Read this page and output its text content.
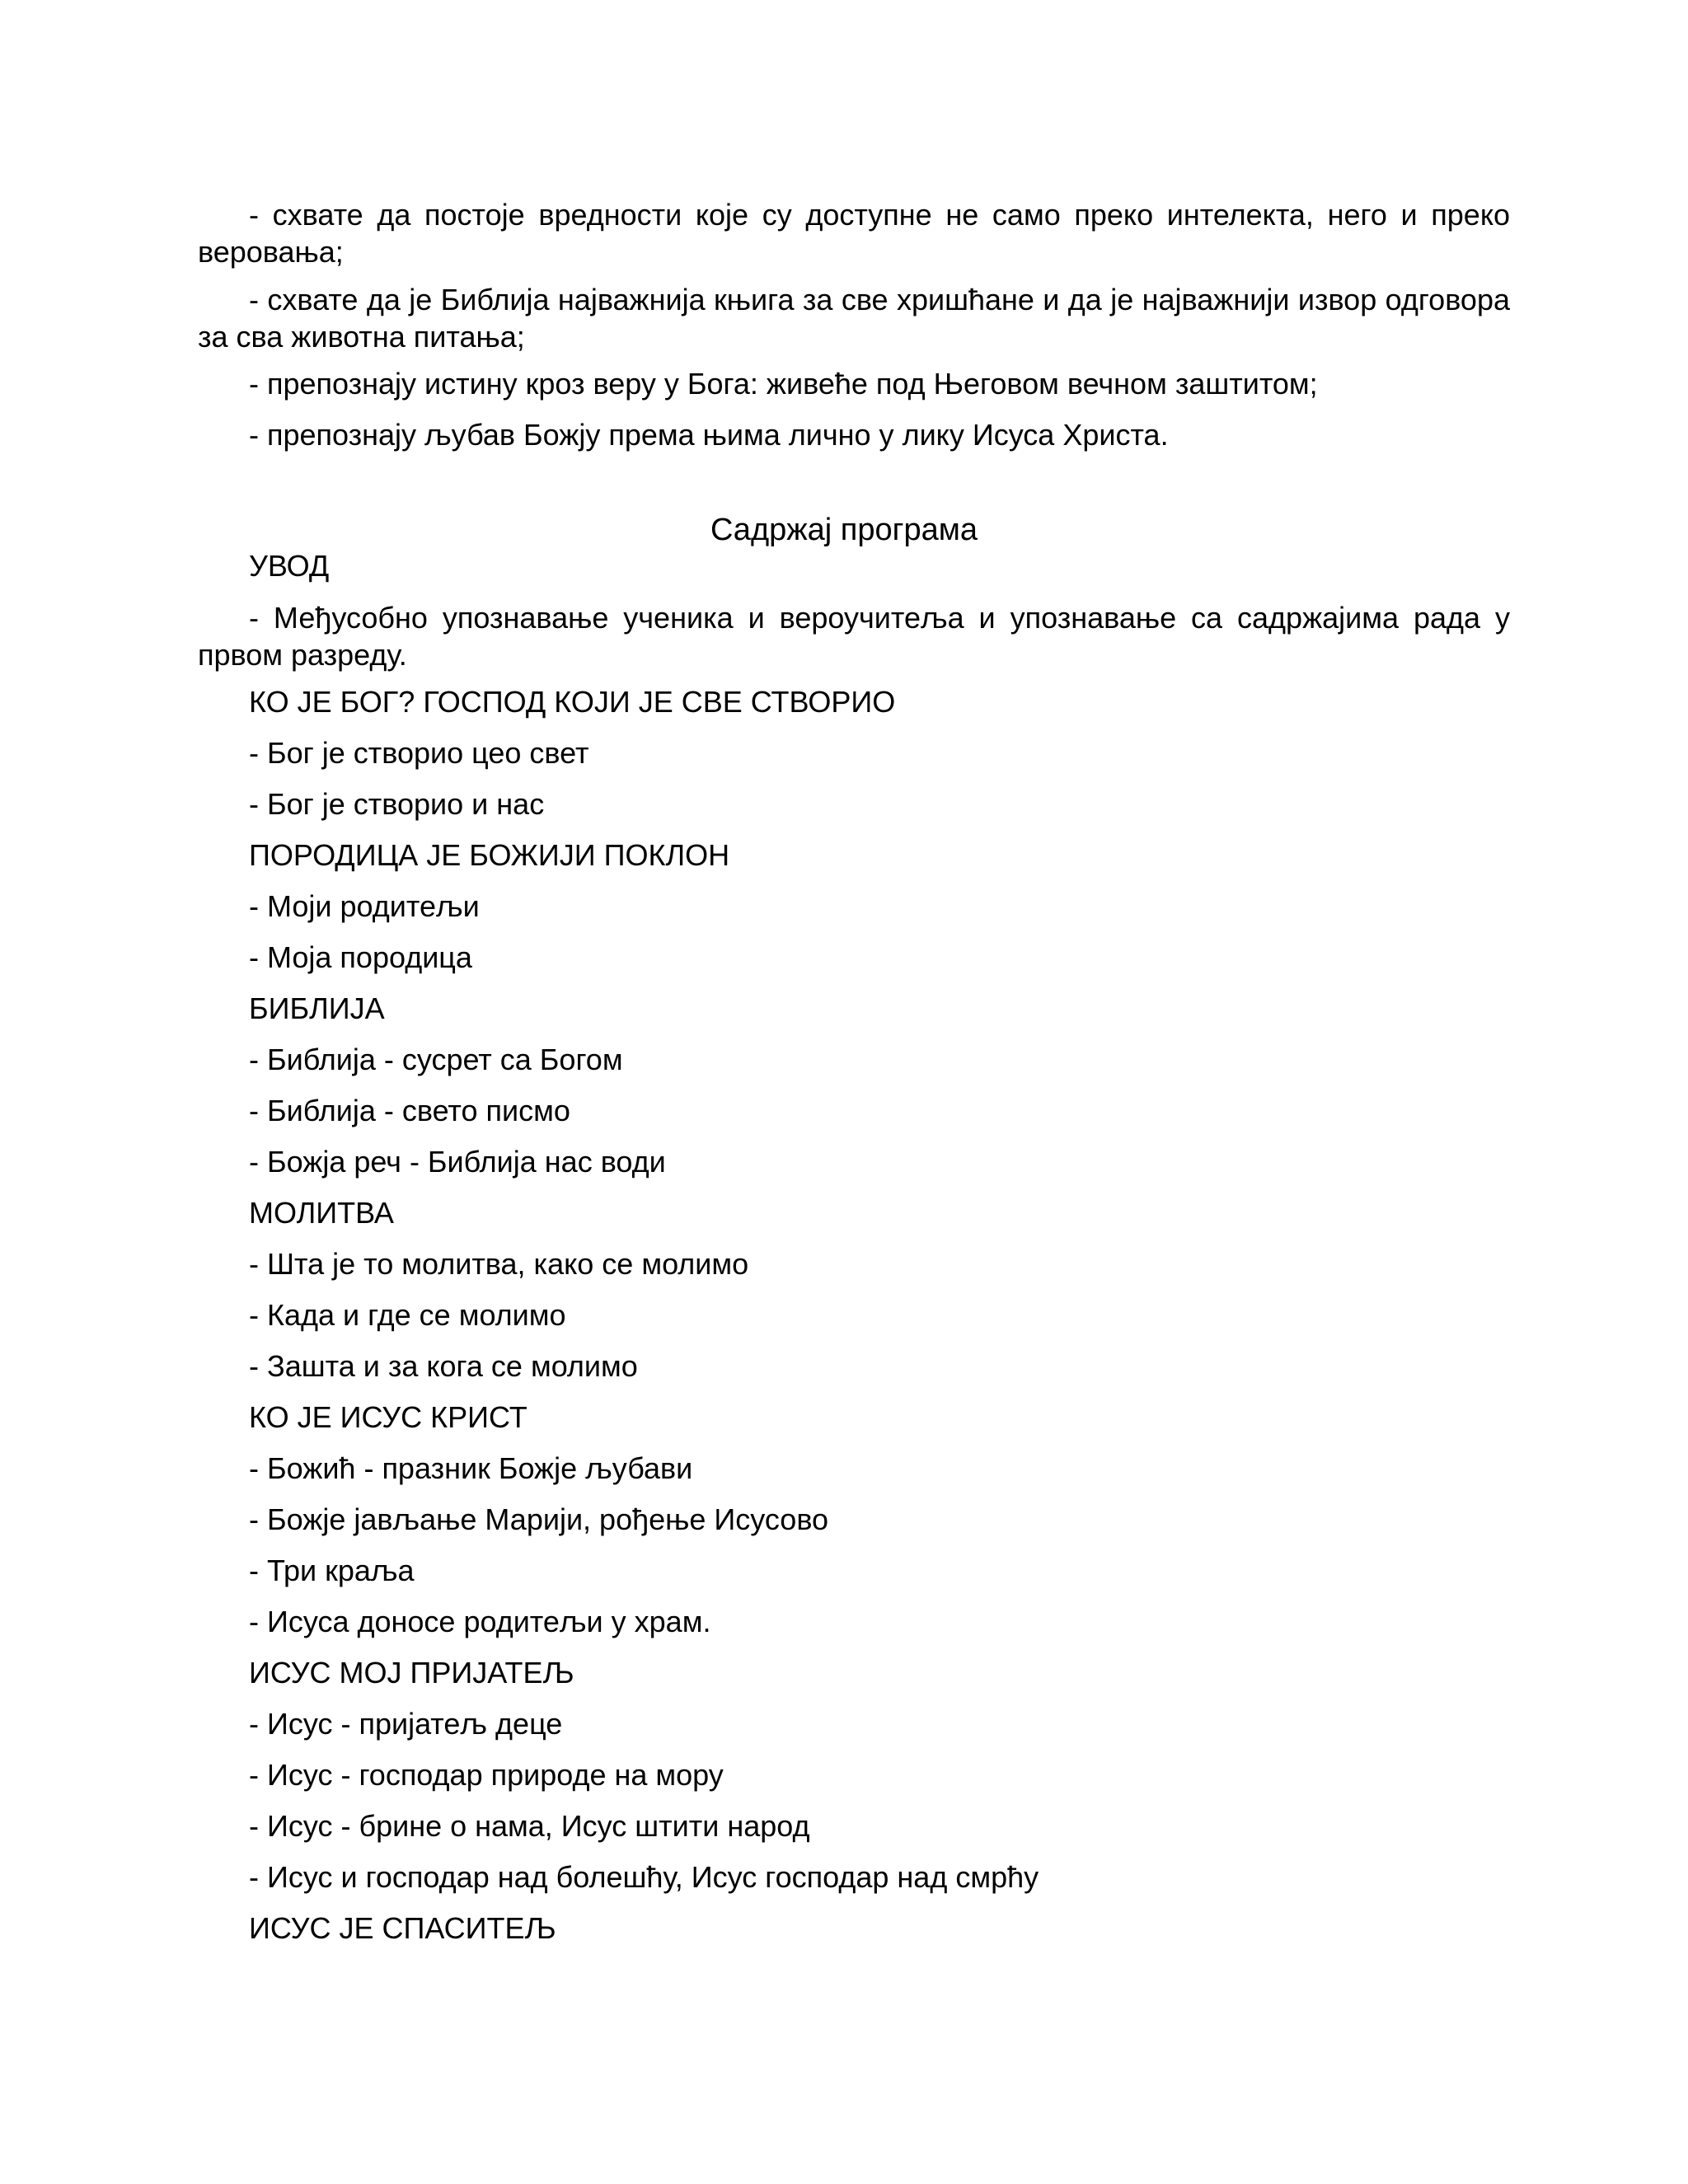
- схвате да постоје вредности које су доступне не само преко интелекта, него и преко веровања;

- схвате да је Библија најважнија књига за све хришћане и да је најважнији извор одговора за сва животна питања;

- препознају истину кроз веру у Бога: живеће под Његовом вечном заштитом;

- препознају љубав Божју према њима лично у лику Исуса Христа.

Садржај програма

УВОД

- Међусобно упознавање ученика и вероучитеља и упознавање са садржајима рада у првом разреду.

КО ЈЕ БОГ? ГОСПОД КОЈИ ЈЕ СВЕ СТВОРИО

- Бог је створио цео свет

- Бог је створио и нас

ПОРОДИЦА ЈЕ БОЖИЈИ ПОКЛОН

- Моји родитељи

- Моја породица

БИБЛИЈА

- Библија - сусрет са Богом

- Библија - свето писмо

- Божја реч - Библија нас води

МОЛИТВА

- Шта је то молитва, како се молимо

- Када и где се молимо

- Зашта и за кога се молимо

КО ЈЕ ИСУС КРИСТ

- Божић - празник Божје љубави

- Божје јављање Марији, рођење Исусово

- Три краља

- Исуса доносе родитељи у храм.

ИСУС МОЈ ПРИЈАТЕЉ

- Исус - пријатељ деце

- Исус - господар природе на мору

- Исус - брине о нама, Исус штити народ

- Исус и господар над болешћу, Исус господар над смрћу

ИСУС ЈЕ СПАСИТЕЉ
